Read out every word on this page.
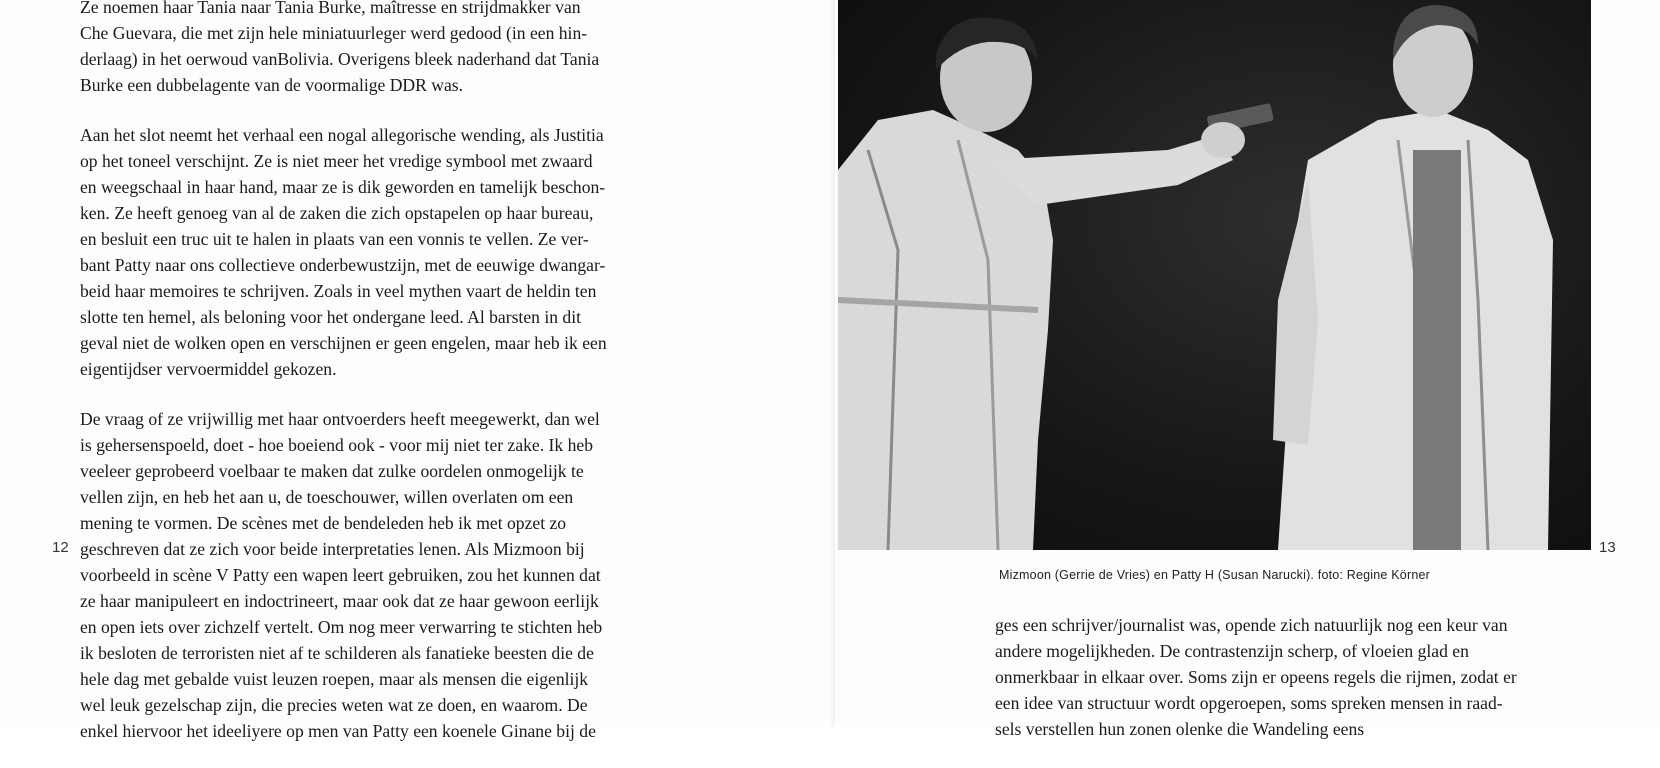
Ze noemen haar Tania naar Tania Burke, maîtresse en strijdmakker van
Che Guevara, die met zijn hele miniatuurleger werd gedood (in een hin-
derlaag) in het oerwoud vanBolivia. Overigens bleek naderhand dat Tania
Burke een dubbelagente van de voormalige DDR was.

Aan het slot neemt het verhaal een nogal allegorische wending, als Justitia
op het toneel verschijnt. Ze is niet meer het vredige symbool met zwaard
en weegschaal in haar hand, maar ze is dik geworden en tamelijk beschon-
ken. Ze heeft genoeg van al de zaken die zich opstapelen op haar bureau,
en besluit een truc uit te halen in plaats van een vonnis te vellen. Ze ver-
bant Patty naar ons collectieve onderbewustzijn, met de eeuwige dwangar-
beid haar memoires te schrijven. Zoals in veel mythen vaart de heldin ten
slotte ten hemel, als beloning voor het ondergane leed. Al barsten in dit
geval niet de wolken open en verschijnen er geen engelen, maar heb ik een
eigentijdser vervoermiddel gekozen.

De vraag of ze vrijwillig met haar ontvoerders heeft meegewerkt, dan wel
is gehersenspoeld, doet - hoe boeiend ook - voor mij niet ter zake. Ik heb
veeleer geprobeerd voelbaar te maken dat zulke oordelen onmogelijk te
vellen zijn, en heb het aan u, de toeschouwer, willen overlaten om een
mening te vormen. De scènes met de bendeleden heb ik met opzet zo
geschreven dat ze zich voor beide interpretaties lenen. Als Mizmoon bij
voorbeeld in scène V Patty een wapen leert gebruiken, zou het kunnen dat
ze haar manipuleert en indoctrineert, maar ook dat ze haar gewoon eerlijk
en open iets over zichzelf vertelt. Om nog meer verwarring te stichten heb
ik besloten de terroristen niet af te schilderen als fanatieke beesten die de
hele dag met gebalde vuist leuzen roepen, maar als mensen die eigenlijk
wel leuk gezelschap zijn, die precies weten wat ze doen, en waarom. De
enkel hiervoor het ideeliyere op men van Patty een koenele Ginane bij de

12
Mizmoon (Gerrie de Vries) en Patty H (Susan Narucki). foto: Regine Körner
13
ges een schrijver/journalist was, opende zich natuurlijk nog een keur van
andere mogelijkheden. De contrastenzijn scherp, of vloeien glad en
onmerkbaar in elkaar over. Soms zijn er opeens regels die rijmen, zodat er
een idee van structuur wordt opgeroepen, soms spreken mensen in raad-
sels verstellen hun zonen olenke die Wandeling eens
